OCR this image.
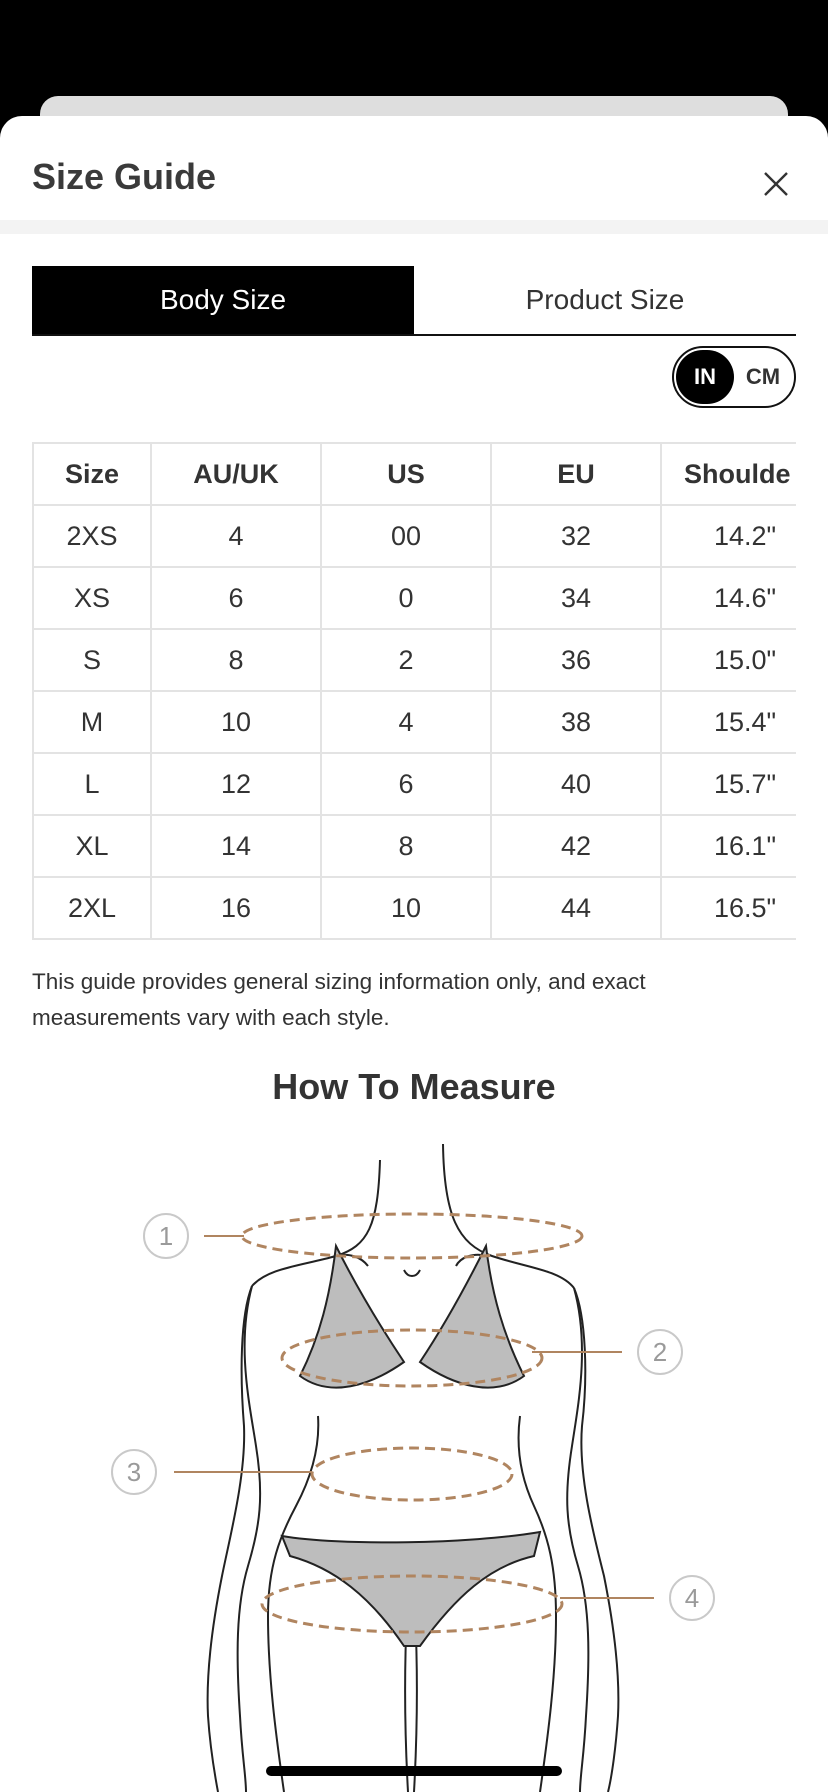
Size Guide
Body Size	Product Size
IN	CM
Size	AU/UK	US	EU	Shoulde
2XS	4	00	32	14.2"
XS	6	0	34	14.6"
S	8	2	36	15.0"
M	10	4	38	15.4"
L	12	6	40	15.7"
XL	14	8	42	16.1"
2XL	16	10	44	16.5"
This guide provides general sizing information only, and exact measurements vary with each style.
How To Measure
1
2
3
4
